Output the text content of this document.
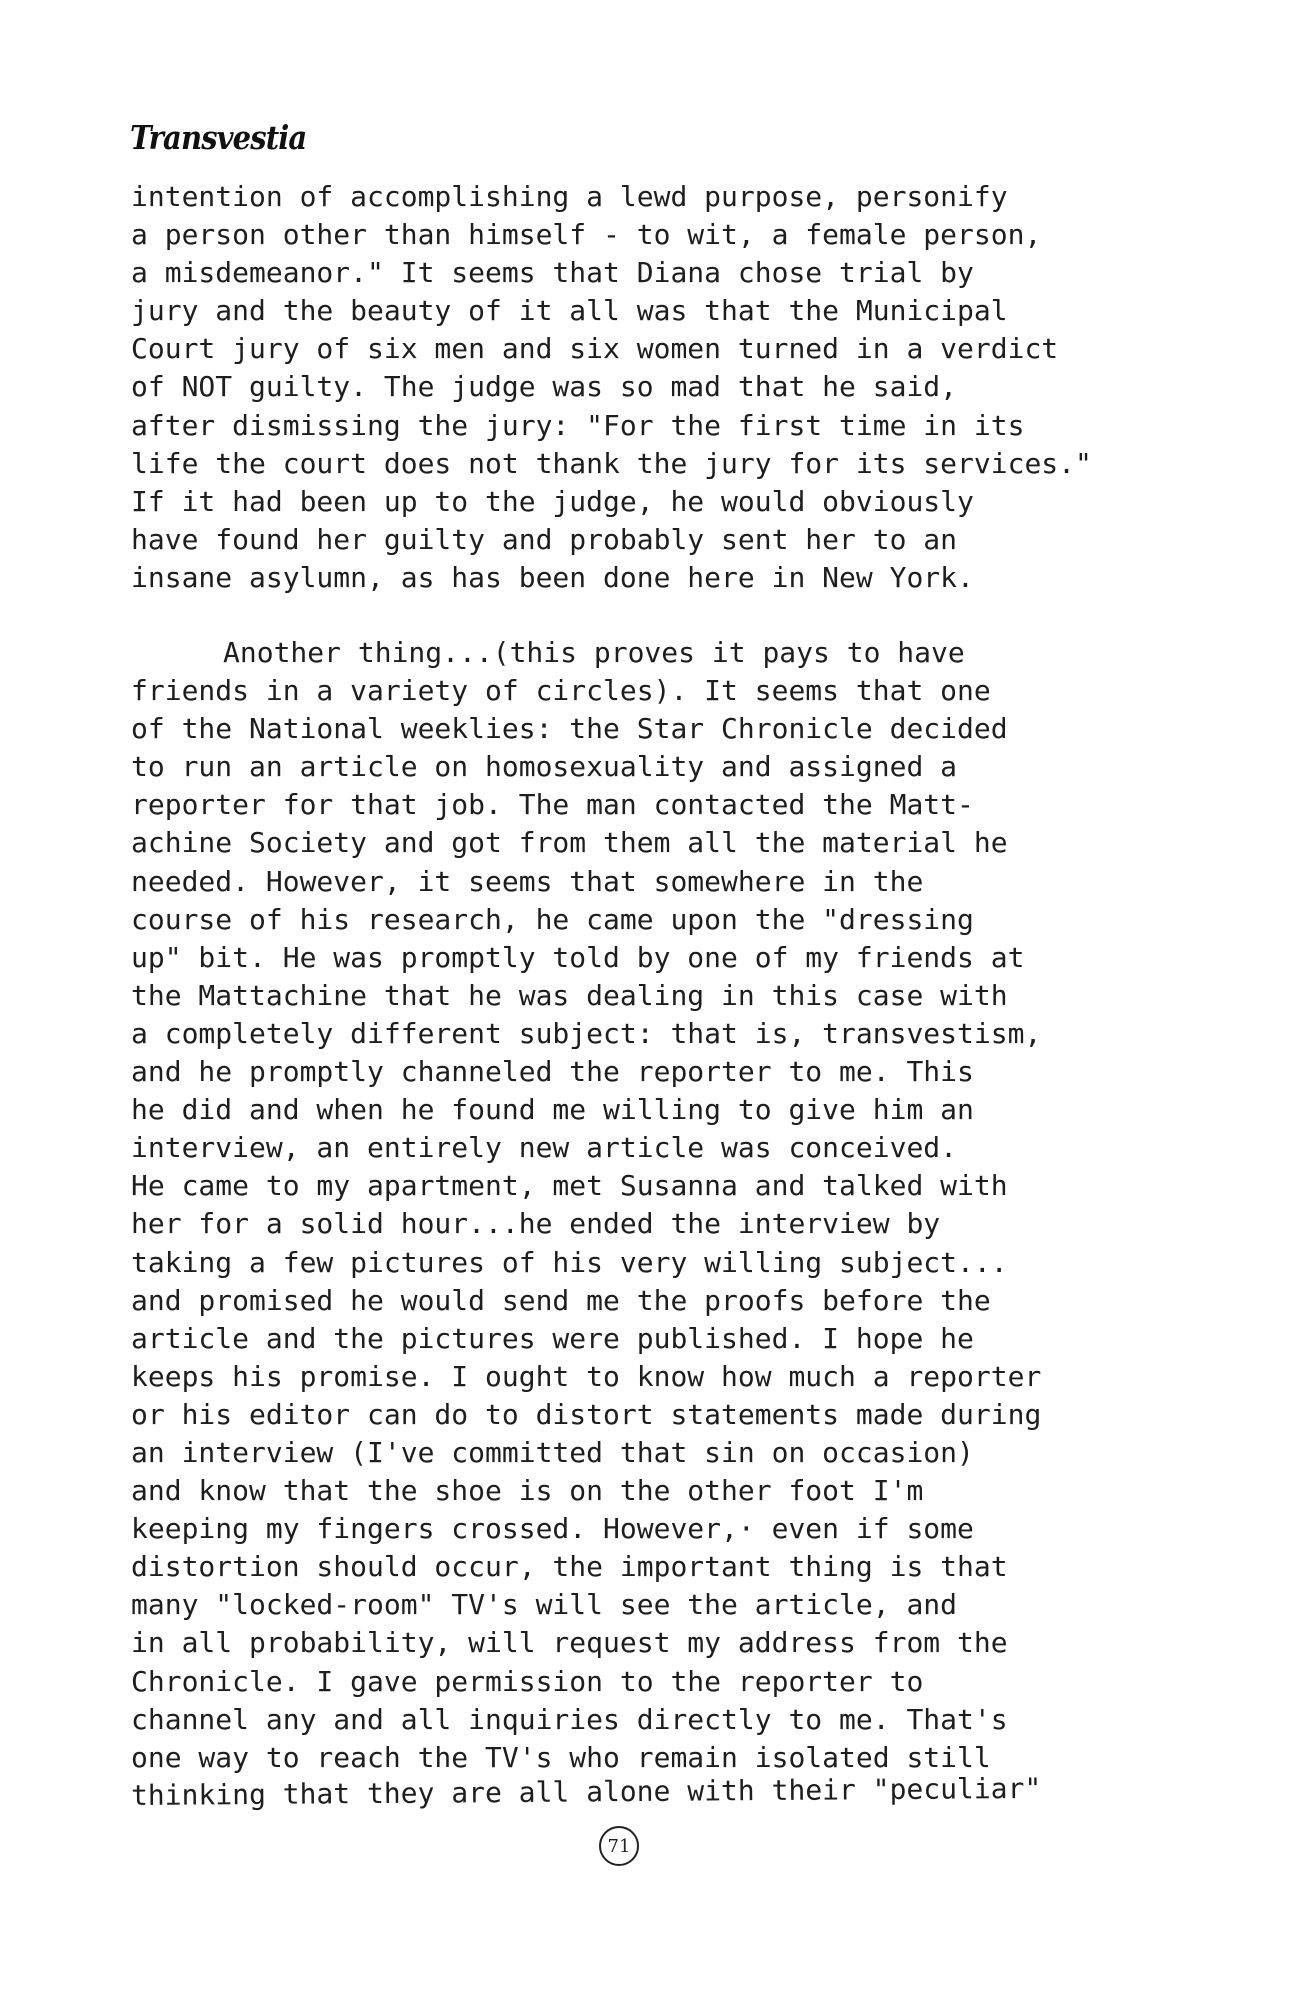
Transvestia
intention of accomplishing a lewd purpose, personify
a person other than himself - to wit, a female person,
a misdemeanor." It seems that Diana chose trial by
jury and the beauty of it all was that the Municipal
Court jury of six men and six women turned in a verdict
of NOT guilty. The judge was so mad that he said,
after dismissing the jury: "For the first time in its
life the court does not thank the jury for its services."
If it had been up to the judge, he would obviously
have found her guilty and probably sent her to an
insane asylumn, as has been done here in New York.
Another thing...(this proves it pays to have
friends in a variety of circles). It seems that one
of the National weeklies: the Star Chronicle decided
to run an article on homosexuality and assigned a
reporter for that job. The man contacted the Matt-
achine Society and got from them all the material he
needed. However, it seems that somewhere in the
course of his research, he came upon the "dressing
up" bit. He was promptly told by one of my friends at
the Mattachine that he was dealing in this case with
a completely different subject: that is, transvestism,
and he promptly channeled the reporter to me. This
he did and when he found me willing to give him an
interview, an entirely new article was conceived.
He came to my apartment, met Susanna and talked with
her for a solid hour...he ended the interview by
taking a few pictures of his very willing subject...
and promised he would send me the proofs before the
article and the pictures were published. I hope he
keeps his promise. I ought to know how much a reporter
or his editor can do to distort statements made during
an interview (I've committed that sin on occasion)
and know that the shoe is on the other foot I'm
keeping my fingers crossed. However,· even if some
distortion should occur, the important thing is that
many "locked-room" TV's will see the article, and
in all probability, will request my address from the
Chronicle. I gave permission to the reporter to
channel any and all inquiries directly to me. That's
one way to reach the TV's who remain isolated still
thinking that they are all alone with their "peculiar"
71
